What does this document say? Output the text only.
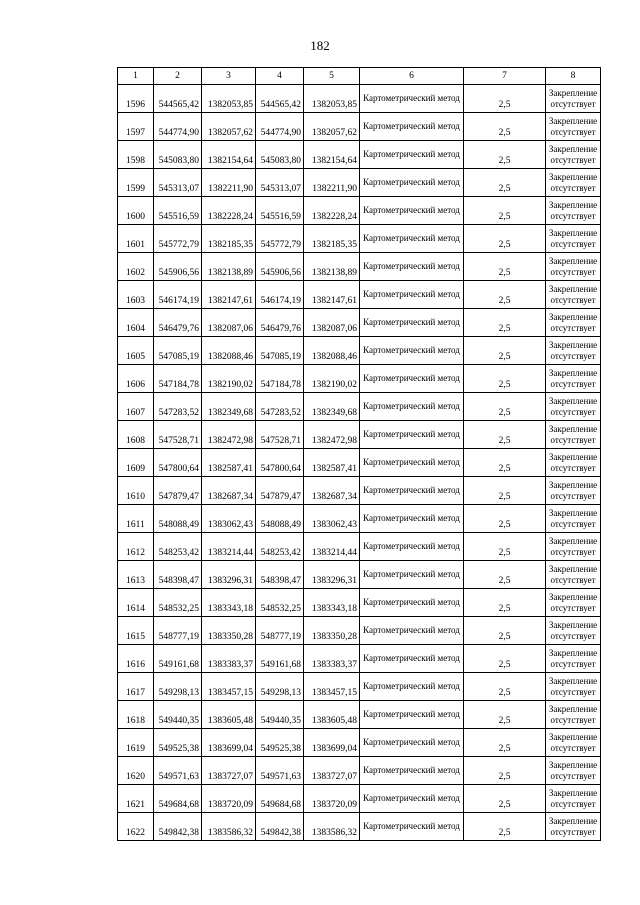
182
1	2	3	4	5	6	7	8
1596	544565,42	1382053,85	544565,42	1382053,85	Картометрический метод	2,5	Закрепление отсутствует
1597	544774,90	1382057,62	544774,90	1382057,62	Картометрический метод	2,5	Закрепление отсутствует
1598	545083,80	1382154,64	545083,80	1382154,64	Картометрический метод	2,5	Закрепление отсутствует
1599	545313,07	1382211,90	545313,07	1382211,90	Картометрический метод	2,5	Закрепление отсутствует
1600	545516,59	1382228,24	545516,59	1382228,24	Картометрический метод	2,5	Закрепление отсутствует
1601	545772,79	1382185,35	545772,79	1382185,35	Картометрический метод	2,5	Закрепление отсутствует
1602	545906,56	1382138,89	545906,56	1382138,89	Картометрический метод	2,5	Закрепление отсутствует
1603	546174,19	1382147,61	546174,19	1382147,61	Картометрический метод	2,5	Закрепление отсутствует
1604	546479,76	1382087,06	546479,76	1382087,06	Картометрический метод	2,5	Закрепление отсутствует
1605	547085,19	1382088,46	547085,19	1382088,46	Картометрический метод	2,5	Закрепление отсутствует
1606	547184,78	1382190,02	547184,78	1382190,02	Картометрический метод	2,5	Закрепление отсутствует
1607	547283,52	1382349,68	547283,52	1382349,68	Картометрический метод	2,5	Закрепление отсутствует
1608	547528,71	1382472,98	547528,71	1382472,98	Картометрический метод	2,5	Закрепление отсутствует
1609	547800,64	1382587,41	547800,64	1382587,41	Картометрический метод	2,5	Закрепление отсутствует
1610	547879,47	1382687,34	547879,47	1382687,34	Картометрический метод	2,5	Закрепление отсутствует
1611	548088,49	1383062,43	548088,49	1383062,43	Картометрический метод	2,5	Закрепление отсутствует
1612	548253,42	1383214,44	548253,42	1383214,44	Картометрический метод	2,5	Закрепление отсутствует
1613	548398,47	1383296,31	548398,47	1383296,31	Картометрический метод	2,5	Закрепление отсутствует
1614	548532,25	1383343,18	548532,25	1383343,18	Картометрический метод	2,5	Закрепление отсутствует
1615	548777,19	1383350,28	548777,19	1383350,28	Картометрический метод	2,5	Закрепление отсутствует
1616	549161,68	1383383,37	549161,68	1383383,37	Картометрический метод	2,5	Закрепление отсутствует
1617	549298,13	1383457,15	549298,13	1383457,15	Картометрический метод	2,5	Закрепление отсутствует
1618	549440,35	1383605,48	549440,35	1383605,48	Картометрический метод	2,5	Закрепление отсутствует
1619	549525,38	1383699,04	549525,38	1383699,04	Картометрический метод	2,5	Закрепление отсутствует
1620	549571,63	1383727,07	549571,63	1383727,07	Картометрический метод	2,5	Закрепление отсутствует
1621	549684,68	1383720,09	549684,68	1383720,09	Картометрический метод	2,5	Закрепление отсутствует
1622	549842,38	1383586,32	549842,38	1383586,32	Картометрический метод	2,5	Закрепление отсутствует
